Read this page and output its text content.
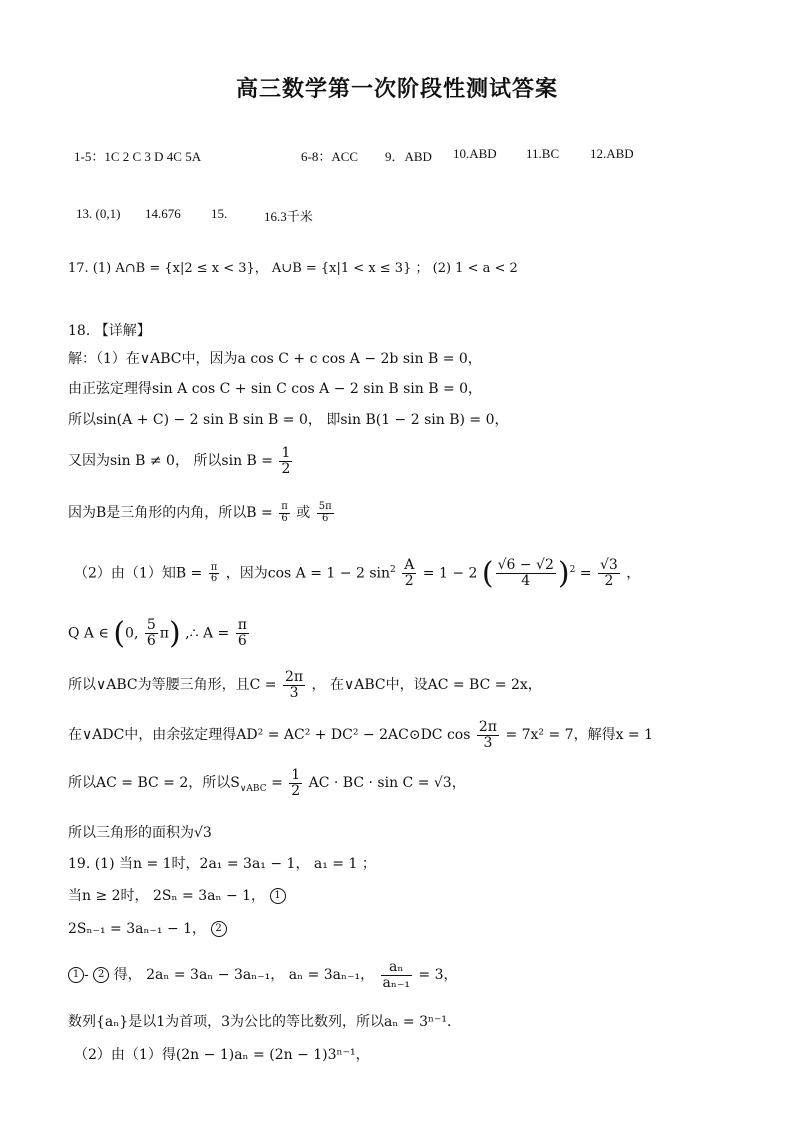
高三数学第一次阶段性测试答案
1-5：1C 2 C 3 D 4C 5A	6-8：ACC 9．ABD 10.ABD 11.BC 12.ABD
13. (0,1) 14.676 15.	16.3千米
17. (1) A∩B = {x|2 ≤ x < 3}， A∪B = {x|1 < x ≤ 3} ； (2) 1 < a < 2
18. 【详解】
解：（1）在∨ABC中，因为a cos C + c cos A − 2b sin B = 0，
由正弦定理得sin A cos C + sin C cos A − 2 sin B sin B = 0，
所以sin(A + C) − 2 sin B sin B = 0， 即sin B(1 − 2 sin B) = 0，
又因为sin B ≠ 0， 所以$\sin B = \frac{1}{2}$
因为B是三角形的内角，所以$B = \frac{\pi}{6}$ 或 $\frac{5\pi}{6}$
（2）由（1）知$B = \frac{\pi}{6}$ ，因为cos A = 1 − 2 $\sin^2 \frac{A}{2} = 1 - 2$ ( $\frac{√6 - √2}{4} )^2 = \frac{√3}{2}$ ，
Q A ∈ (0, $\frac{5}{6} \pi$) ,∴ $A = \frac{\pi}{6}$
所以∨ABC为等腰三角形，且$C = \frac{2\pi}{3}$ ， 在∨ABC中，设AC = BC = 2x，
在∨ADC中，由余弦定理得AD² = AC² + DC² − 2AC⊙DC $\cos \frac{2\pi}{3} = 7x^2 = 7$，解得x = 1
所以AC = BC = 2，所以$S_{\vee ABC} = \frac{1}{2}$ AC · BC · sin C = √3，
所以三角形的面积为√3
19. (1) 当n = 1时，2a₁ = 3a₁ − 1， a₁ = 1 ；
当n ≥ 2时， 2Sₙ = 3aₙ − 1， 1
2Sₙ₋₁ = 3aₙ₋₁ − 1， 2
1 - 2 得， 2aₙ = 3aₙ − 3aₙ₋₁， aₙ = 3aₙ₋₁， $\frac{\text{aₙ}}{\text{aₙ₋₁}} = 3$，
数列{aₙ}是以1为首项，3为公比的等比数列，所以aₙ = 3ⁿ⁻¹．
（2）由（1）得(2n − 1)aₙ = (2n − 1)3ⁿ⁻¹，
